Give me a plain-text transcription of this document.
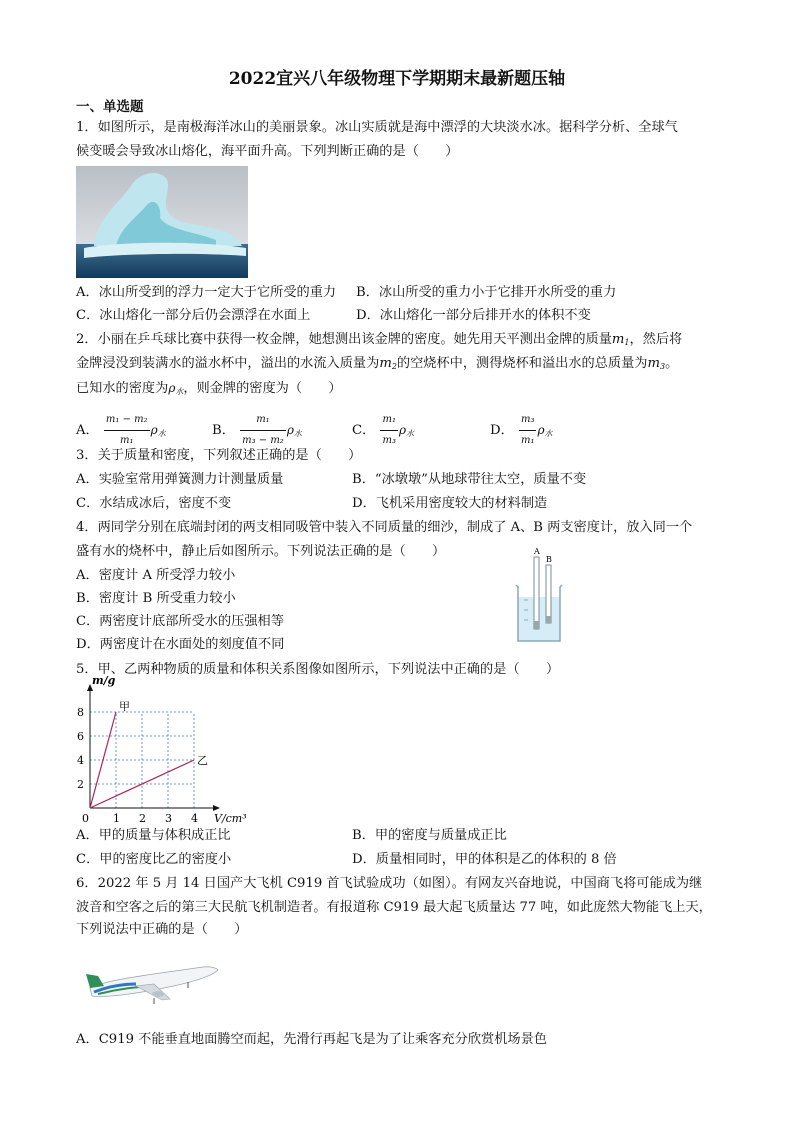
2022宜兴八年级物理下学期期末最新题压轴
一、单选题
1．如图所示，是南极海洋冰山的美丽景象。冰山实质就是海中漂浮的大块淡水冰。据科学分析、全球气
候变暖会导致冰山熔化，海平面升高。下列判断正确的是（　　）
A．冰山所受到的浮力一定大于它所受的重力 B．冰山所受的重力小于它排开水所受的重力
C．冰山熔化一部分后仍会漂浮在水面上	D．冰山熔化一部分后排开水的体积不变
2．小丽在乒乓球比赛中获得一枚金牌，她想测出该金牌的密度。她先用天平测出金牌的质量$m_1$，然后将
金牌浸没到装满水的溢水杯中，溢出的水流入质量为$m_2$的空烧杯中，测得烧杯和溢出水的总质量为$m_3$。
已知水的密度为$\rho_水$，则金牌的密度为（　　）
A． $\frac{\text{m₁ − m₂}}{\text{m₁}} \rho_水$	B． $\frac{\text{m₁}}{\text{m₃ − m₂}} \rho_水$	C． $\frac{\text{m₁}}{\text{m₃}} \rho_水$	D． $\frac{\text{m₃}}{\text{m₁}} \rho_水$
3．关于质量和密度，下列叙述正确的是（　　）
A．实验室常用弹簧测力计测量质量	B．“冰墩墩”从地球带往太空，质量不变
C．水结成冰后，密度不变	D．飞机采用密度较大的材料制造
4．两同学分别在底端封闭的两支相同吸管中装入不同质量的细沙，制成了 A、B 两支密度计，放入同一个
盛有水的烧杯中，静止后如图所示。下列说法正确的是（　　）
A．密度计 A 所受浮力较小
B．密度计 B 所受重力较小
C．两密度计底部所受水的压强相等
D．两密度计在水面处的刻度值不同
A
B
5．甲、乙两种物质的质量和体积关系图像如图所示，下列说法中正确的是（　　）
0 1 2 3 4
2
4
6
8
m/g
V/cm³
甲
乙
A．甲的质量与体积成正比	B．甲的密度与质量成正比
C．甲的密度比乙的密度小	D．质量相同时，甲的体积是乙的体积的 8 倍
6．2022 年 5 月 14 日国产大飞机 C919 首飞试验成功（如图）。有网友兴奋地说，中国商飞将可能成为继
波音和空客之后的第三大民航飞机制造者。有报道称 C919 最大起飞质量达 77 吨，如此庞然大物能飞上天，
下列说法中正确的是（　　）
A．C919 不能垂直地面腾空而起，先滑行再起飞是为了让乘客充分欣赏机场景色
